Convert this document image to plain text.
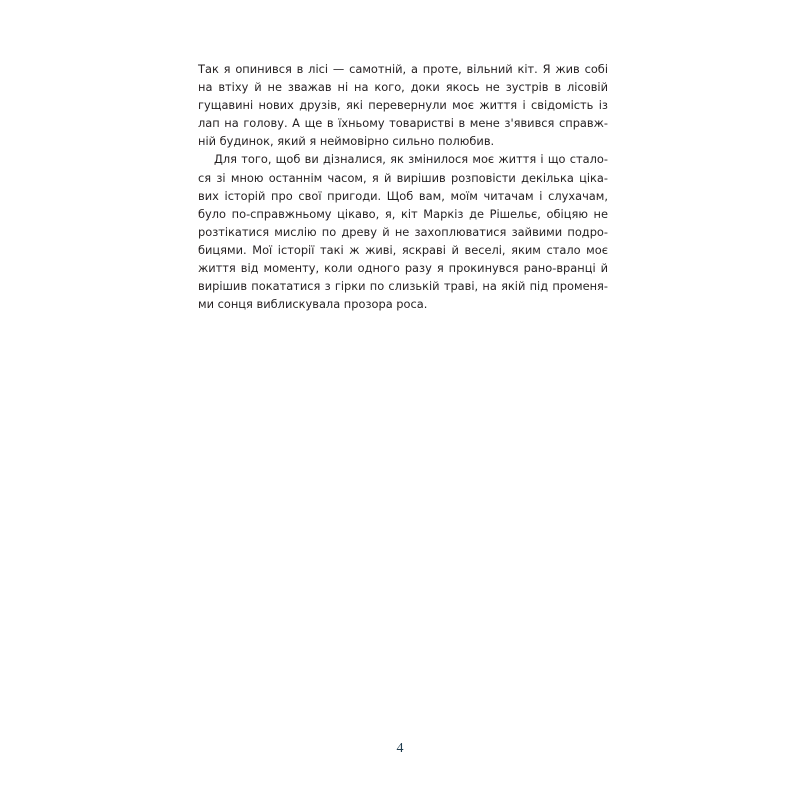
Так я опинився в лісі — самотній, а проте, вільний кіт. Я жив собі
на втіху й не зважав ні на кого, доки якось не зустрів в лісовій
гущавині нових друзів, які перевернули моє життя і свідомість із
лап на голову. А ще в їхньому товаристві в мене з'явився справж-
ній будинок, який я неймовірно сильно полюбив.
Для того, щоб ви дізналися, як змінилося моє життя і що стало-
ся зі мною останнім часом, я й вирішив розповісти декілька ціка-
вих історій про свої пригоди. Щоб вам, моїм читачам і слухачам,
було по-справжньому цікаво, я, кіт Маркіз де Рішельє, обіцяю не
розтікатися мислію по древу й не захоплюватися зайвими подро-
бицями. Мої історії такі ж живі, яскраві й веселі, яким стало моє
життя від моменту, коли одного разу я прокинувся рано-вранці й
вирішив покататися з гірки по слизькій траві, на якій під променя-
ми сонця виблискувала прозора роса.
4
